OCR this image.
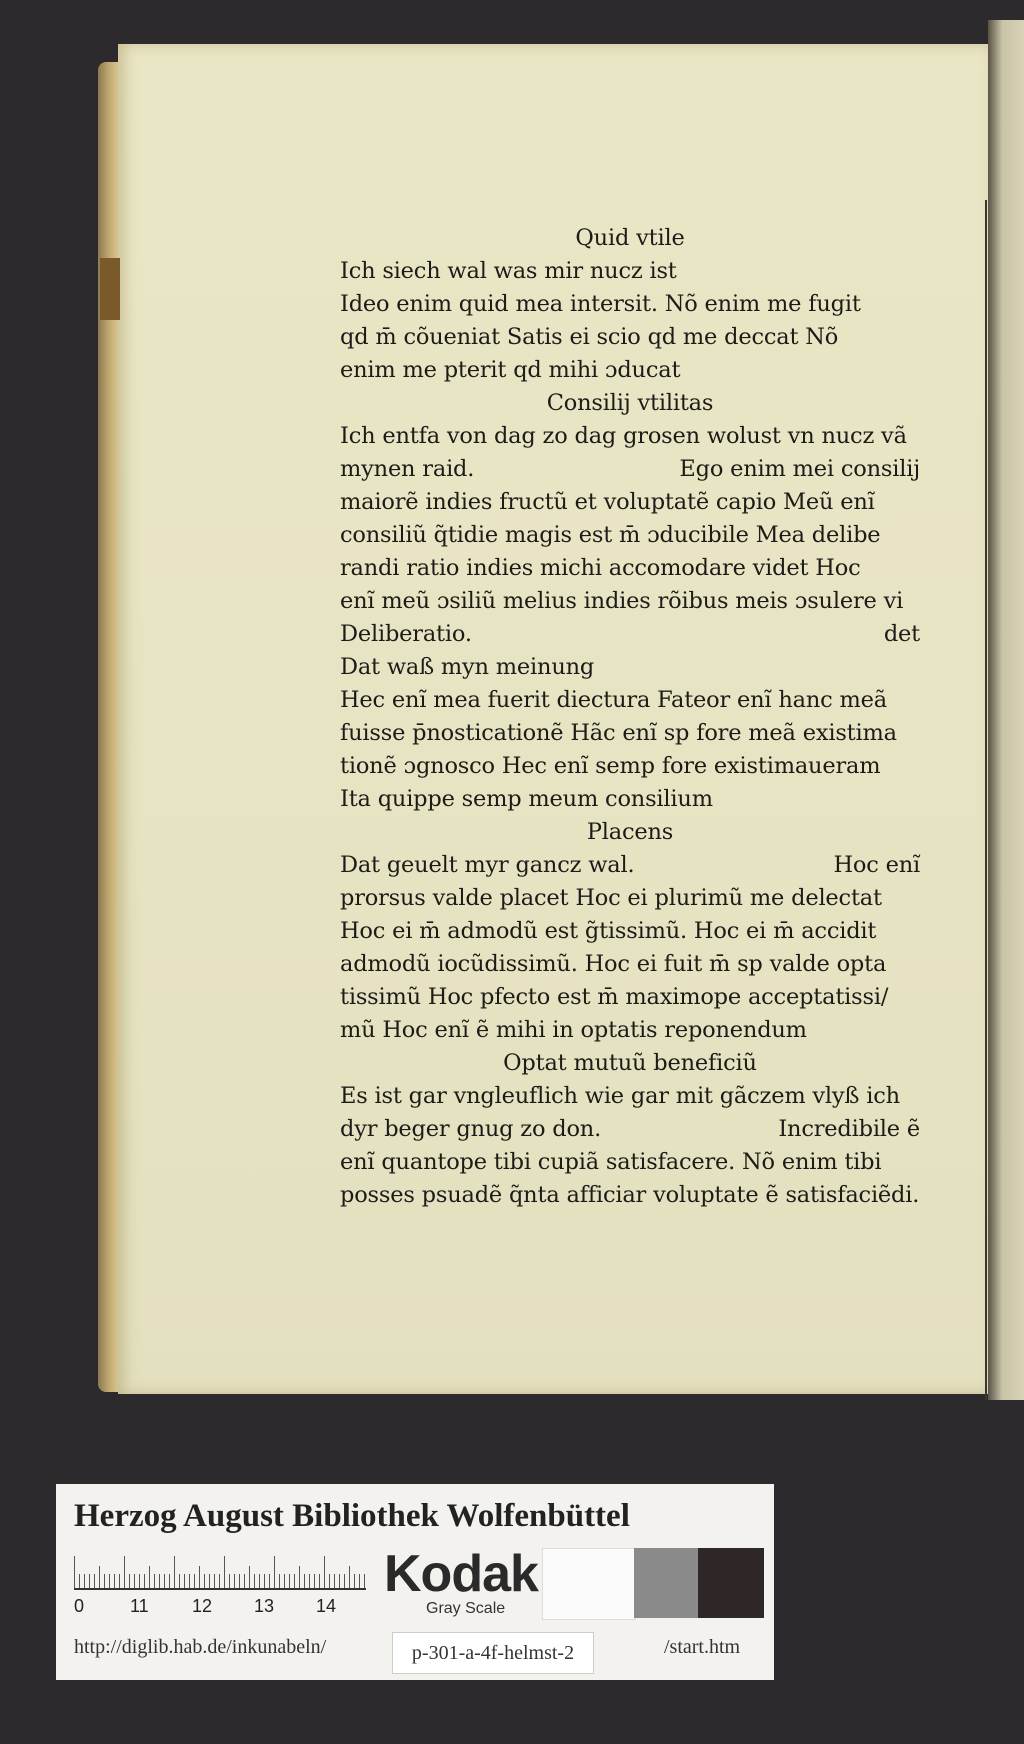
Quid vtile
Ich siech wal was mir nucz ist
Ideo enim quid mea intersit. Nõ enim me fugit
qd m̄ cõueniat Satis ei scio qd me deccat Nõ
enim me pterit qd mihi ɔducat
Consilij vtilitas
Ich entfa von dag zo dag grosen wolust vn nucz vã
mynen raid.	Ego enim mei consilij
maiorẽ indies fructũ et voluptatẽ capio Meũ enĩ
consiliũ q̃tidie magis est m̄ ɔducibile Mea delibe
randi ratio indies michi accomodare videt Hoc
enĩ meũ ɔsiliũ melius indies rõibus meis ɔsulere vi
Deliberatio.	det
Dat waß myn meinung
Hec enĩ mea fuerit diectura Fateor enĩ hanc meã
fuisse p̄nosticationẽ Hãc enĩ sp fore meã existima
tionẽ ɔgnosco Hec enĩ semp fore existimaueram
Ita quippe semp meum consilium
Placens
Dat geuelt myr gancz wal.	Hoc enĩ
prorsus valde placet Hoc ei plurimũ me delectat
Hoc ei m̄ admodũ est g̃tissimũ. Hoc ei m̄ accidit
admodũ iocũdissimũ. Hoc ei fuit m̄ sp valde opta
tissimũ Hoc pfecto est m̄ maximope acceptatissi/
mũ Hoc enĩ ẽ mihi in optatis reponendum
Optat mutuũ beneficiũ
Es ist gar vngleuflich wie gar mit gãczem vlyß ich
dyr beger gnug zo don.	Incredibile ẽ
enĩ quantope tibi cupiã satisfacere. Nõ enim tibi
posses psuadẽ q̃nta afficiar voluptate ẽ satisfaciẽdi.
Herzog August Bibliothek Wolfenbüttel
0	11 12 13 14
Kodak
Gray Scale
http://diglib.hab.de/inkunabeln/	p-301-a-4f-helmst-2	/start.htm
